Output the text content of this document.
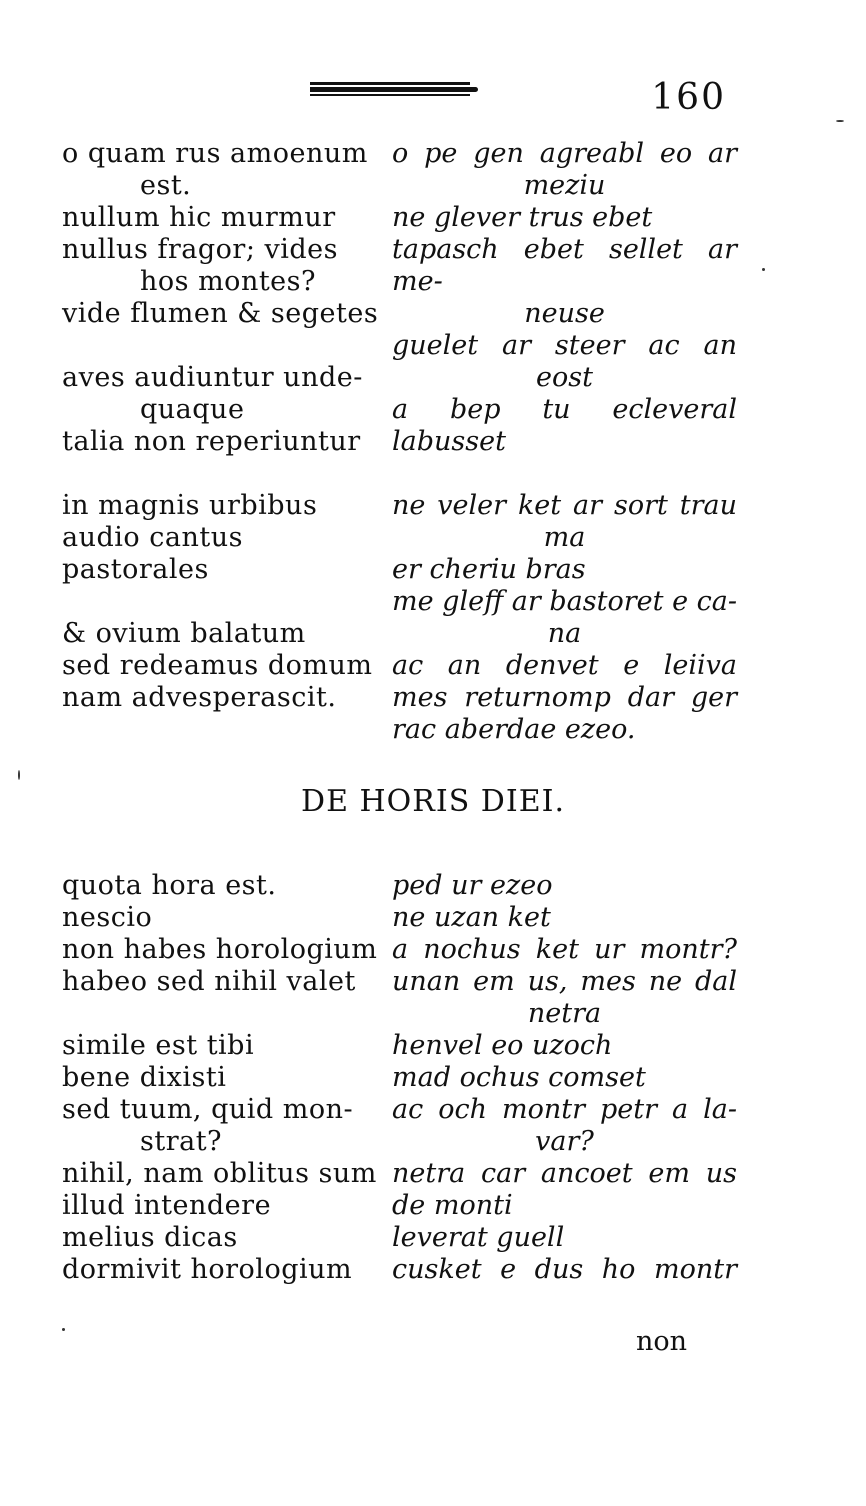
160
o quam rus amoenum
est.
nullum hic murmur
nullus fragor; vides
hos montes?
vide flumen & segetes
aves audiuntur unde-
quaque
talia non reperiuntur
in magnis urbibus
audio cantus pastorales
& ovium balatum
sed redeamus domum
nam advesperascit.
o pe gen agreabl eo ar
meziu
ne glever trus ebet
tapasch ebet sellet ar me-
neuse
guelet ar steer ac an
eost
a bep tu ecleveral labusset
ne veler ket ar sort trau
ma
er cheriu bras
me gleff ar bastoret e ca-
na
ac an denvet e leiiva
mes returnomp dar ger
rac aberdae ezeo.
DE HORIS DIEI.
quota hora est.
nescio
non habes horologium
habeo sed nihil valet
simile est tibi
bene dixisti
sed tuum, quid mon-
strat?
nihil, nam oblitus sum
illud intendere
melius dicas
dormivit horologium
ped ur ezeo
ne uzan ket
a nochus ket ur montr?
unan em us, mes ne dal
netra
henvel eo uzoch
mad ochus comset
ac och montr petr a la-
var?
netra car ancoet em us
de monti
leverat guell
cusket e dus ho montr
non
